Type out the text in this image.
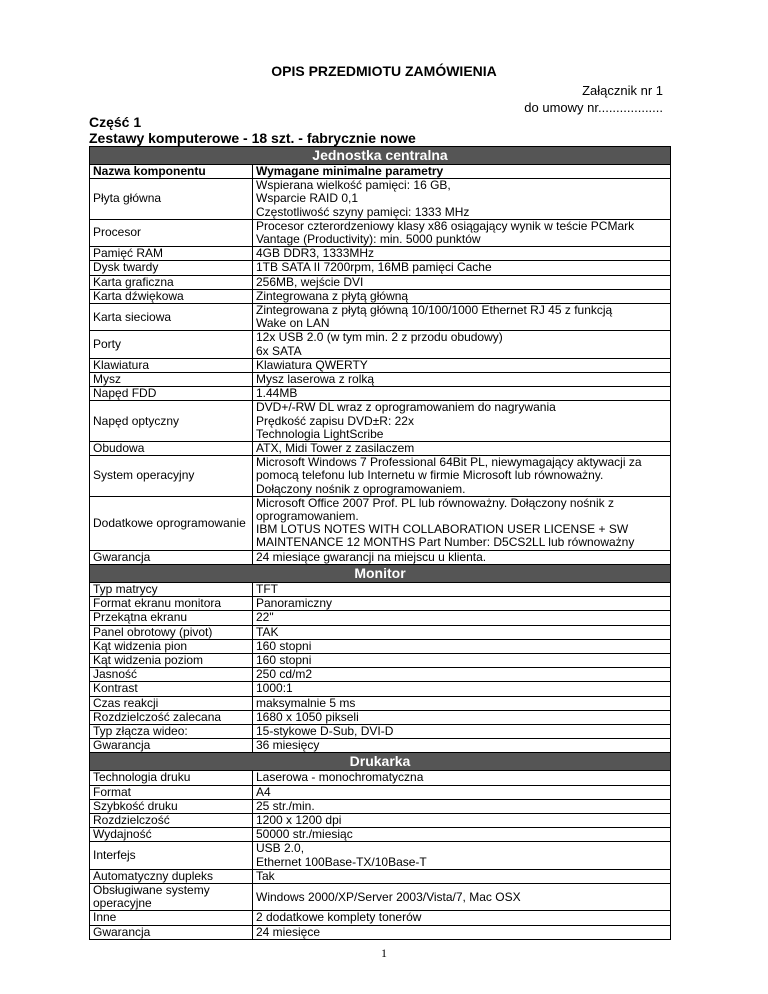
OPIS PRZEDMIOTU ZAMÓWIENIA
Załącznik nr 1
do umowy nr..................
Część 1
Zestawy komputerowe - 18 szt. - fabrycznie nowe
Jednostka centralna	
Nazwa komponentu	Wymagane minimalne parametry
Płyta główna	Wspierana wielkość pamięci: 16 GB,
Wsparcie RAID 0,1
Częstotliwość szyny pamięci: 1333 MHz

Procesor	Procesor czterordzeniowy klasy x86 osiągający wynik w teście PCMark
Vantage (Productivity): min. 5000 punktów

Pamięć RAM	4GB DDR3, 1333MHz

Dysk twardy	1TB SATA II 7200rpm, 16MB pamięci Cache

Karta graficzna	256MB, wejście DVI

Karta dźwiękowa	Zintegrowana z płytą główną

Karta sieciowa	Zintegrowana z płytą główną 10/100/1000 Ethernet RJ 45 z funkcją
Wake on LAN

Porty	12x USB 2.0 (w tym min. 2 z przodu obudowy)
6x SATA

Klawiatura	Klawiatura QWERTY

Mysz	Mysz laserowa z rolką

Napęd FDD	1.44MB

Napęd optyczny	DVD+/-RW DL wraz z oprogramowaniem do nagrywania
Prędkość zapisu DVD±R: 22x
Technologia LightScribe

Obudowa	ATX, Midi Tower z zasilaczem

System operacyjny	Microsoft Windows 7 Professional 64Bit PL, niewymagający aktywacji za
pomocą telefonu lub Internetu w firmie Microsoft lub równoważny.
Dołączony nośnik z oprogramowaniem.

Dodatkowe oprogramowanie	Microsoft Office 2007 Prof. PL lub równoważny. Dołączony nośnik z
oprogramowaniem.
IBM LOTUS NOTES WITH COLLABORATION USER LICENSE + SW
MAINTENANCE 12 MONTHS Part Number: D5CS2LL lub równoważny

Gwarancja	24 miesiące gwarancji na miejscu u klienta.

Monitor	
Typ matrycy	TFT

Format ekranu monitora	Panoramiczny

Przekątna ekranu	22"

Panel obrotowy (pivot)	TAK

Kąt widzenia pion	160 stopni

Kąt widzenia poziom	160 stopni

Jasność	250 cd/m2

Kontrast	1000:1

Czas reakcji	maksymalnie 5 ms

Rozdzielczość zalecana	1680 x 1050 pikseli

Typ złącza wideo:	15-stykowe D-Sub, DVI-D

Gwarancja	36 miesięcy

Drukarka	
Technologia druku	Laserowa - monochromatyczna

Format	A4

Szybkość druku	25 str./min.

Rozdzielczość	1200 x 1200 dpi

Wydajność	50000 str./miesiąc

Interfejs	USB 2.0,
Ethernet 100Base-TX/10Base-T

Automatyczny dupleks	Tak

Obsługiwane systemy operacyjne	Windows 2000/XP/Server 2003/Vista/7, Mac OSX

Inne	2 dodatkowe komplety tonerów

Gwarancja	24 miesięce
1
